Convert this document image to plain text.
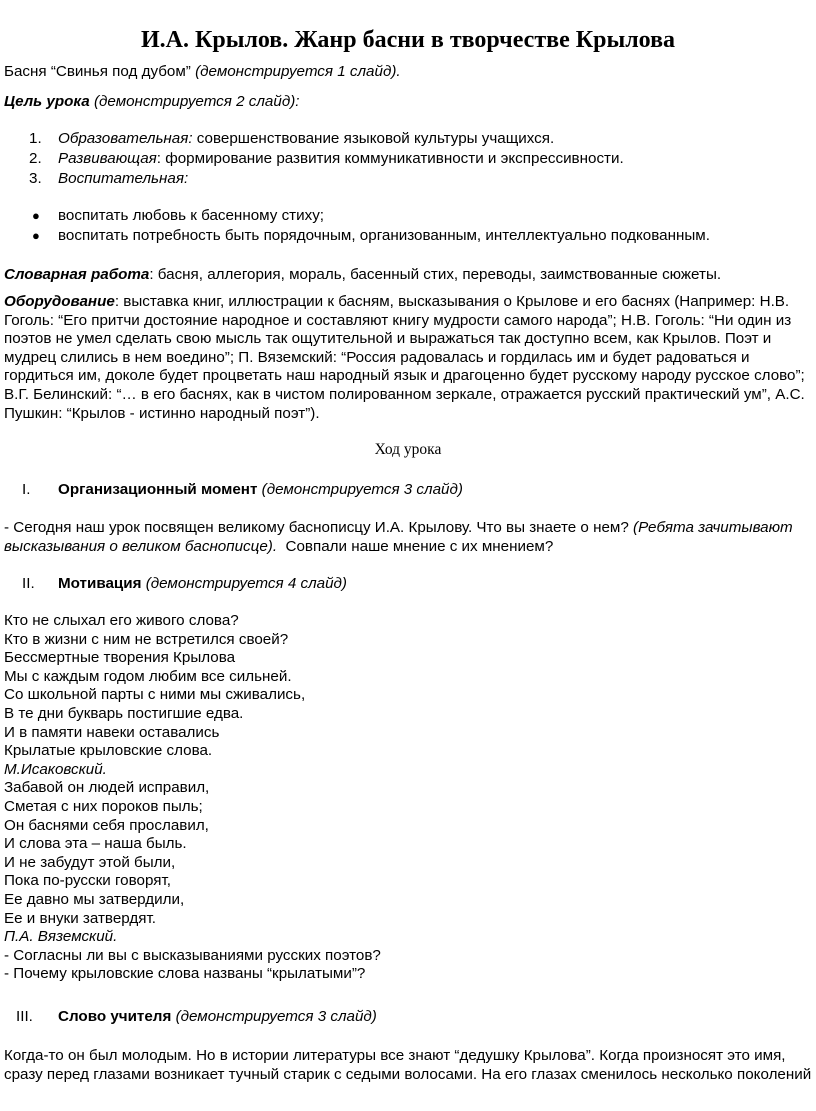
И.А. Крылов. Жанр басни в творчестве Крылова
Басня “Свинья под дубом” (демонстрируется 1 слайд).
Цель урока (демонстрируется 2 слайд):
1. Образовательная: совершенствование языковой культуры учащихся.
2. Развивающая: формирование развития коммуникативности и экспрессивности.
3. Воспитательная:
● воспитать любовь к басенному стиху;
● воспитать потребность быть порядочным, организованным, интеллектуально подкованным.
Словарная работа: басня, аллегория, мораль, басенный стих, переводы, заимствованные сюжеты.
Оборудование: выставка книг, иллюстрации к басням, высказывания о Крылове и его баснях (Например: Н.В. Гоголь: “Его притчи достояние народное и составляют книгу мудрости самого народа”; Н.В. Гоголь: “Ни один из поэтов не умел сделать свою мысль так ощутительной и выражаться так доступно всем, как Крылов. Поэт и мудрец слились в нем воедино”; П. Вяземский: “Россия радовалась и гордилась им и будет радоваться и гордиться им, доколе будет процветать наш народный язык и драгоценно будет русскому народу русское слово”; В.Г. Белинский: “… в его баснях, как в чистом полированном зеркале, отражается русский практический ум”, А.С. Пушкин: “Крылов - истинно народный поэт”).
Ход урока
I. Организационный момент (демонстрируется 3 слайд)
- Сегодня наш урок посвящен великому баснописцу И.А. Крылову. Что вы знаете о нем? (Ребята зачитывают высказывания о великом баснописце). Совпали наше мнение с их мнением?
II. Мотивация (демонстрируется 4 слайд)
Кто не слыхал его живого слова?
Кто в жизни с ним не встретился своей?
Бессмертные творения Крылова
Мы с каждым годом любим все сильней.
Со школьной парты с ними мы сживались,
В те дни букварь постигшие едва.
И в памяти навеки оставались
Крылатые крыловские слова.
М.Исаковский.
Забавой он людей исправил,
Сметая с них пороков пыль;
Он баснями себя прославил,
И слова эта – наша быль.
И не забудут этой были,
Пока по-русски говорят,
Ее давно мы затвердили,
Ее и внуки затвердят.
П.А. Вяземский.
- Согласны ли вы с высказываниями русских поэтов?
- Почему крыловские слова названы “крылатыми”?
III. Слово учителя (демонстрируется 3 слайд)
Когда-то он был молодым. Но в истории литературы все знают “дедушку Крылова”. Когда произносят это имя, сразу перед глазами возникает тучный старик с седыми волосами. На его глазах сменилось несколько поколений
